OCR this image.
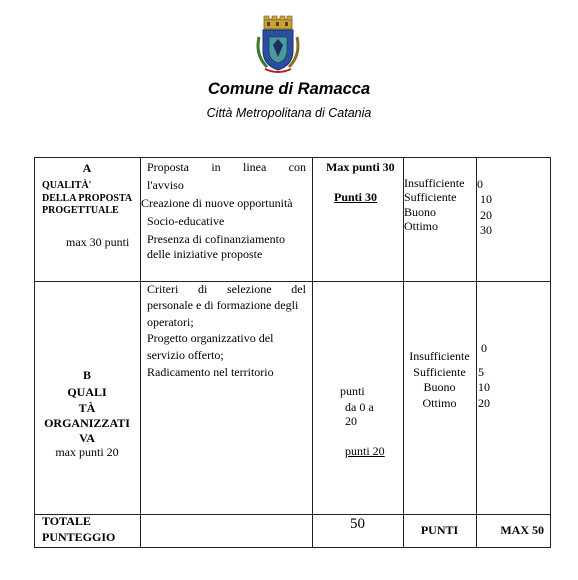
Comune di Ramacca
Città Metropolitana di Catania
A
QUALITÀ'
DELLA PROPOSTA
PROGETTUALE
max 30 punti
Proposta in linea con
l'avviso
Creazione di nuove opportunità
Socio-educative
Presenza di cofinanziamento
delle iniziative proposte
Max punti 30
Punti 30
Insufficiente
Sufficiente
Buono
Ottimo
0
10
20
30
B
QUALI
TÀ
ORGANIZZATI
VA
max punti 20
Criteri di selezione del
personale e di formazione degli
operatori;
Progetto organizzativo del
servizio offerto;
Radicamento nel territorio
punti
da 0 a
20
punti 20
Insufficiente
Sufficiente
Buono
Ottimo
0
5
10
20
TOTALE
PUNTEGGIO
50	PUNTI	MAX 50
